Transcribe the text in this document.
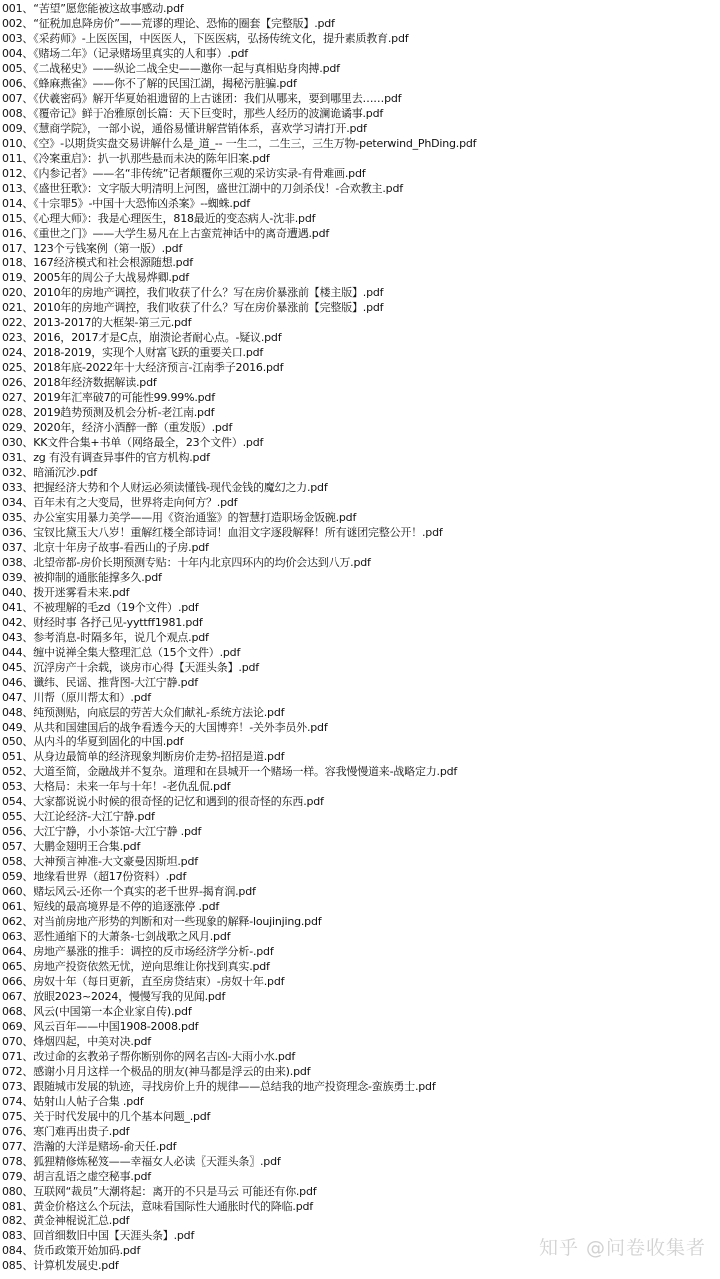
001、“苦望”愿您能被这故事感动.pdf
002、“征税加息降房价”——荒谬的理论、恐怖的圈套【完整版】.pdf
003、《采药师》-上医医国，中医医人，下医医病，弘扬传统文化，提升素质教育.pdf
004、《赌场二年》（记录赌场里真实的人和事）.pdf
005、《二战秘史》——纵论二战全史——邀你一起与真相贴身肉搏.pdf
006、《蜂麻燕雀》——你不了解的民国江湖，揭秘污脏骗.pdf
007、《伏羲密码》解开华夏始祖遗留的上古谜团：我们从哪来，要到哪里去……pdf
008、《覆帝记》鲜于冶雅原创长篇：天下巨变时，那些人经历的波澜诡谲事.pdf
009、《慧商学院》，一部小说，通俗易懂讲解营销体系，喜欢学习请打开.pdf
010、《空》-以期货实盘交易讲解什么是_道_-- 一生二，二生三，三生万物-peterwind_PhDing.pdf
011、《冷案重启》：扒一扒那些悬而未决的陈年旧案.pdf
012、《内参记者》——名“非传统”记者颠覆你三观的采访实录-有骨难画.pdf
013、《盛世狂歌》：文字版大明清明上河图，盛世江湖中的刀剑杀伐！-合欢教主.pdf
014、《十宗罪5》-中国十大恐怖凶杀案》--蜘蛛.pdf
015、《心理大师》：我是心理医生，818最近的变态病人-沈非.pdf
016、《重世之门》——大学生易凡在上古蛮荒神话中的离奇遭遇.pdf
017、123个亏钱案例（第一版）.pdf
018、167经济模式和社会根源随想.pdf
019、2005年的周公子大战易烨卿.pdf
020、2010年的房地产调控，我们收获了什么？写在房价暴涨前【楼主版】.pdf
021、2010年的房地产调控，我们收获了什么？写在房价暴涨前【完整版】.pdf
022、2013-2017的大框架-第三元.pdf
023、2016，2017才是C点，崩溃论者耐心点。-疑议.pdf
024、2018-2019，实现个人财富飞跃的重要关口.pdf
025、2018年底-2022年十大经济预言-江南季子2016.pdf
026、2018年经济数据解读.pdf
027、2019年汇率破7的可能性99.99%.pdf
028、2019趋势预测及机会分析-老江南.pdf
029、2020年，经济小酒醉一醉（重发版）.pdf
030、KK文件合集+书单（网络最全，23个文件）.pdf
031、zg 有没有调查异事件的官方机构.pdf
032、暗涌沉沙.pdf
033、把握经济大势和个人财运必须读懂钱-现代金钱的魔幻之力.pdf
034、百年未有之大变局，世界将走向何方？.pdf
035、办公室实用暴力美学——用《资治通鉴》的智慧打造职场金饭碗.pdf
036、宝钗比黛玉大八岁！重解红楼全部诗词！血泪文字逐段解释！所有谜团完整公开！.pdf
037、北京十年房子故事-看西山的子房.pdf
038、北望帝都-房价长期预测专贴：十年内北京四环内的均价会达到八万.pdf
039、被抑制的通胀能撑多久.pdf
040、拨开迷雾看未来.pdf
041、不被理解的毛zd（19个文件）.pdf
042、财经时事 各抒己见-yyttff1981.pdf
043、参考消息-时隔多年，说几个观点.pdf
044、缠中说禅全集大整理汇总（15个文件）.pdf
045、沉浮房产十余载，谈房市心得【天涯头条】.pdf
046、谶纬、民谣、推背图-大江宁静.pdf
047、川帮（原川帮太和）.pdf
048、纯预测贴，向底层的劳苦大众们献礼-系统方法论.pdf
049、从共和国建国后的战争看透今天的大国博弈！-关外李员外.pdf
050、从内斗的华夏到固化的中国.pdf
051、从身边最简单的经济现象判断房价走势-招招是道.pdf
052、大道至简，金融战并不复杂。道理和在县城开一个赌场一样。容我慢慢道来-战略定力.pdf
053、大格局：未来一年与十年！-老仇乱侃.pdf
054、大家都说说小时候的很奇怪的记忆和遇到的很奇怪的东西.pdf
055、大江论经济-大江宁静.pdf
056、大江宁静，小小茶馆-大江宁静 .pdf
057、大鹏金翅明王合集.pdf
058、大神预言神准-大文豪曼因斯坦.pdf
059、地缘看世界（超17份资料）.pdf
060、赌坛风云-还你一个真实的老千世界-揭育润.pdf
061、短线的最高境界是不停的追逐涨停 .pdf
062、对当前房地产形势的判断和对一些现象的解释-loujinjing.pdf
063、恶性通缩下的大萧条-七剑战歌之风月.pdf
064、房地产暴涨的推手：调控的反市场经济学分析-.pdf
065、房地产投资依然无忧，逆向思维让你找到真实.pdf
066、房奴十年（每日更新，直至房贷结束）-房奴十年.pdf
067、放眼2023~2024，慢慢写我的见闻.pdf
068、风云(中国第一本企业家自传).pdf
069、风云百年——中国1908-2008.pdf
070、烽烟四起，中美对决.pdf
071、改过命的玄教弟子帮你断别你的网名吉凶-大雨小水.pdf
072、感谢小月月这样一个极品的朋友(神马都是浮云的由来).pdf
073、跟随城市发展的轨迹，寻找房价上升的规律——总结我的地产投资理念-蛮族勇士.pdf
074、姑射山人帖子合集 .pdf
075、关于时代发展中的几个基本问题_.pdf
076、寒门难再出贵子.pdf
077、浩瀚的大洋是赌场-俞天任.pdf
078、狐狸精修炼秘笈——幸福女人必读〖天涯头条〗.pdf
079、胡言乱语之虚空秘事.pdf
080、互联网“裁员”大潮将起：离开的不只是马云 可能还有你.pdf
081、黄金价格这么个玩法，意味看国际性大通胀时代的降临.pdf
082、黄金神棍说汇总.pdf
083、回首细数旧中国【天涯头条】.pdf
084、货币政策开始加码.pdf
085、计算机发展史.pdf
知乎 @问卷收集者
